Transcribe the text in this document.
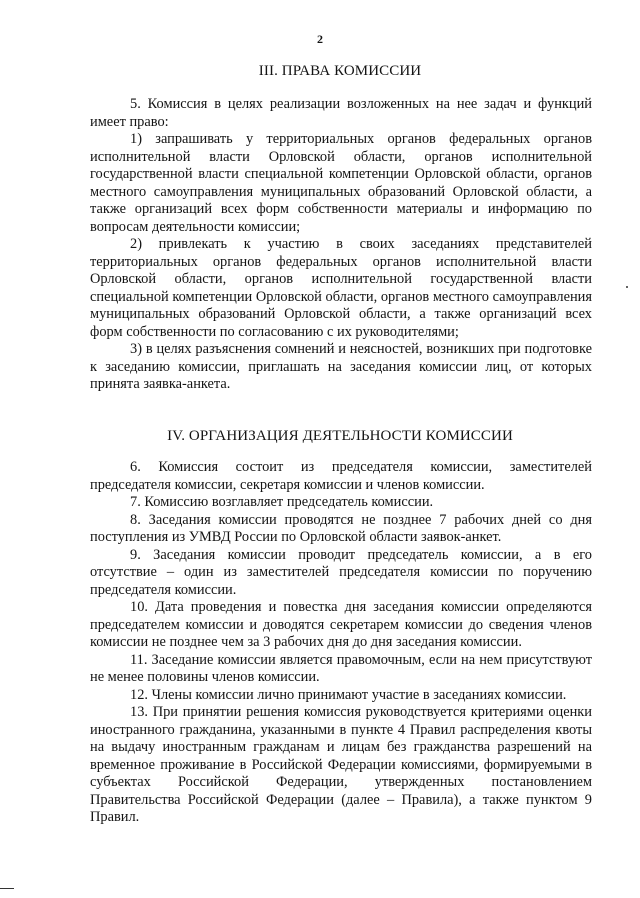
2
III. ПРАВА КОМИССИИ

5. Комиссия в целях реализации возложенных на нее задач и функций имеет право:

1) запрашивать у территориальных органов федеральных органов исполнительной власти Орловской области, органов исполнительной государственной власти специальной компетенции Орловской области, органов местного самоуправления муниципальных образований Орловской области, а также организаций всех форм собственности материалы и информацию по вопросам деятельности комиссии;

2) привлекать к участию в своих заседаниях представителей территориальных органов федеральных органов исполнительной власти Орловской области, органов исполнительной государственной власти специальной компетенции Орловской области, органов местного самоуправления муниципальных образований Орловской области, а также организаций всех форм собственности по согласованию с их руководителями;

3) в целях разъяснения сомнений и неясностей, возникших при подготовке к заседанию комиссии, приглашать на заседания комиссии лиц, от которых принята заявка-анкета.

IV. ОРГАНИЗАЦИЯ ДЕЯТЕЛЬНОСТИ КОМИССИИ

6. Комиссия состоит из председателя комиссии, заместителей председателя комиссии, секретаря комиссии и членов комиссии.

7. Комиссию возглавляет председатель комиссии.

8. Заседания комиссии проводятся не позднее 7 рабочих дней со дня поступления из УМВД России по Орловской области заявок-анкет.

9. Заседания комиссии проводит председатель комиссии, а в его отсутствие – один из заместителей председателя комиссии по поручению председателя комиссии.

10. Дата проведения и повестка дня заседания комиссии определяются председателем комиссии и доводятся секретарем комиссии до сведения членов комиссии не позднее чем за 3 рабочих дня до дня заседания комиссии.

11. Заседание комиссии является правомочным, если на нем присутствуют не менее половины членов комиссии.

12. Члены комиссии лично принимают участие в заседаниях комиссии.

13. При принятии решения комиссия руководствуется критериями оценки иностранного гражданина, указанными в пункте 4 Правил распределения квоты на выдачу иностранным гражданам и лицам без гражданства разрешений на временное проживание в Российской Федерации комиссиями, формируемыми в субъектах Российской Федерации, утвержденных постановлением Правительства Российской Федерации (далее – Правила), а также пунктом 9 Правил.
